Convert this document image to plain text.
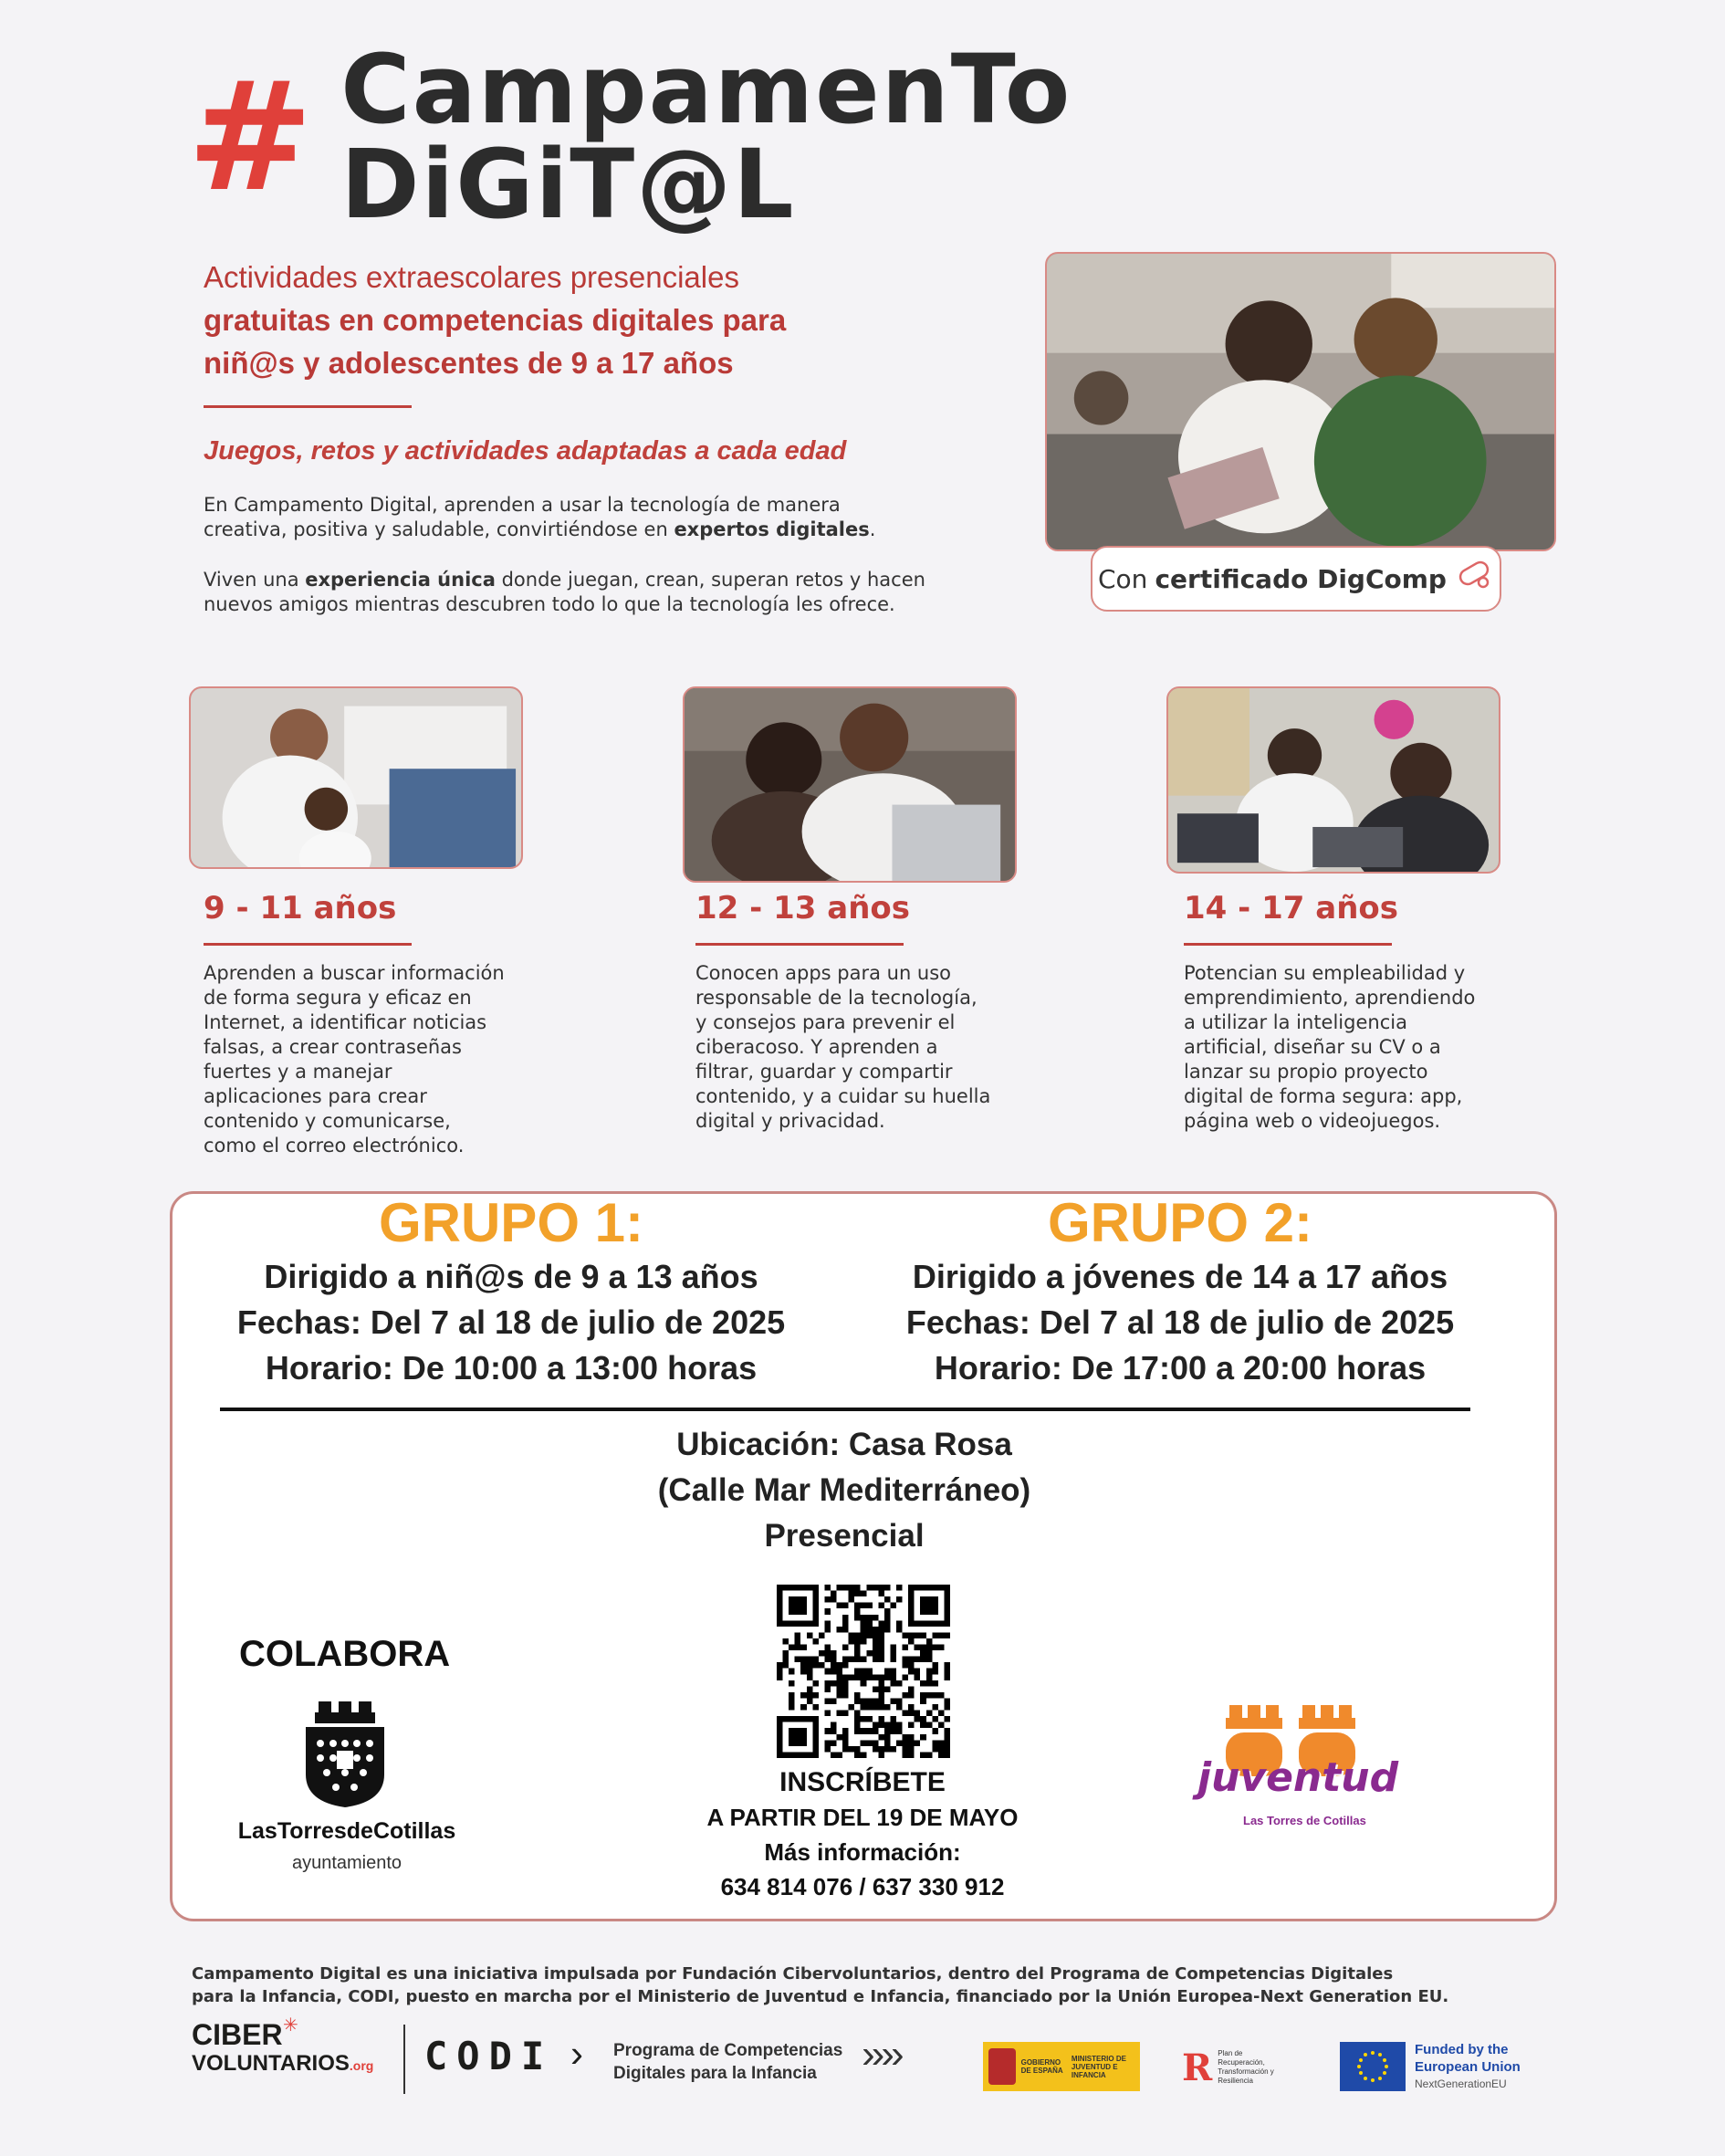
# CampamenTo DiGiT@L
Actividades extraescolares presenciales
gratuitas en competencias digitales para
niñ@s y adolescentes de 9 a 17 años
Juegos, retos y actividades adaptadas a cada edad
En Campamento Digital, aprenden a usar la tecnología de manera
creativa, positiva y saludable, convirtiéndose en expertos digitales.
Viven una experiencia única donde juegan, crean, superan retos y hacen
nuevos amigos mientras descubren todo lo que la tecnología les ofrece.
Con certificado DigComp
9 - 11 años
Aprenden a buscar información
de forma segura y eficaz en
Internet, a identificar noticias
falsas, a crear contraseñas
fuertes y a manejar
aplicaciones para crear
contenido y comunicarse,
como el correo electrónico.
12 - 13 años
Conocen apps para un uso
responsable de la tecnología,
y consejos para prevenir el
ciberacoso. Y aprenden a
filtrar, guardar y compartir
contenido, y a cuidar su huella
digital y privacidad.
14 - 17 años
Potencian su empleabilidad y
emprendimiento, aprendiendo
a utilizar la inteligencia
artificial, diseñar su CV o a
lanzar su propio proyecto
digital de forma segura: app,
página web o videojuegos.
GRUPO 1:
Dirigido a niñ@s de 9 a 13 años
Fechas: Del 7 al 18 de julio de 2025
Horario: De 10:00 a 13:00 horas
GRUPO 2:
Dirigido a jóvenes de 14 a 17 años
Fechas: Del 7 al 18 de julio de 2025
Horario: De 17:00 a 20:00 horas
Ubicación: Casa Rosa
(Calle Mar Mediterráneo)
Presencial
INSCRÍBETE
A PARTIR DEL 19 DE MAYO
Más información:
634 814 076 / 637 330 912
COLABORA
LasTorresdeCotillas
ayuntamiento
juventud
Las Torres de Cotillas
Campamento Digital es una iniciativa impulsada por Fundación Cibervoluntarios, dentro del Programa de Competencias Digitales
para la Infancia, CODI, puesto en marcha por el Ministerio de Juventud e Infancia, financiado por la Unión Europea-Next Generation EU.
CIBER
VOLUNTARIOS.org
✳
CODI › Programa de Competencias
Digitales para la Infancia	››››	GOBIERNO DE ESPAÑA
MINISTERIO DE JUVENTUD E INFANCIA	R Plan de Recuperación, Transformación y Resiliencia
Funded by the
European Union
NextGenerationEU
